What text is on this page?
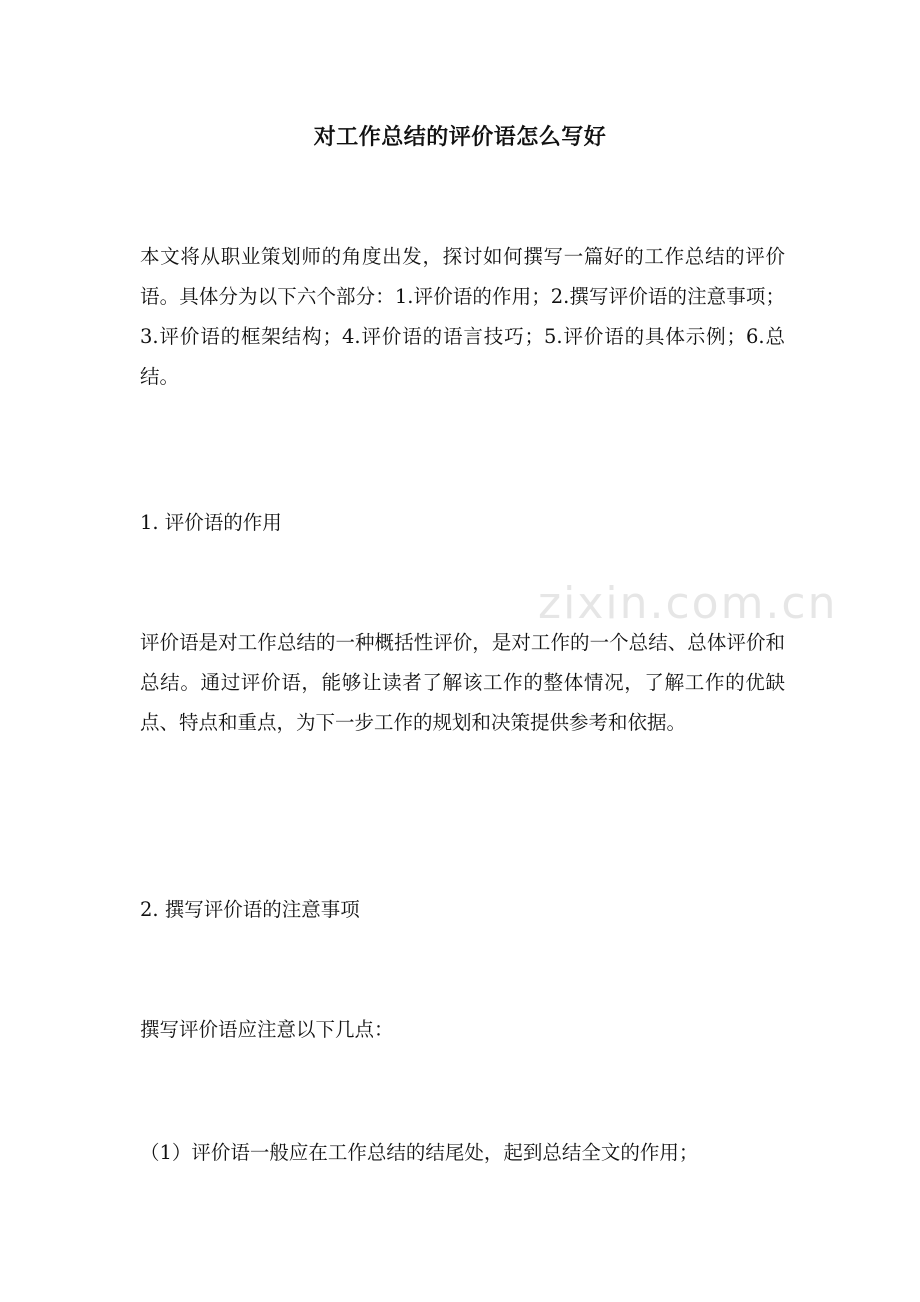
zixin.com.cn
对工作总结的评价语怎么写好
本文将从职业策划师的角度出发，探讨如何撰写一篇好的工作总结的评价语。具体分为以下六个部分：1.评价语的作用；2.撰写评价语的注意事项；3.评价语的框架结构；4.评价语的语言技巧；5.评价语的具体示例；6.总结。
1. 评价语的作用
评价语是对工作总结的一种概括性评价，是对工作的一个总结、总体评价和总结。通过评价语，能够让读者了解该工作的整体情况，了解工作的优缺点、特点和重点，为下一步工作的规划和决策提供参考和依据。
2. 撰写评价语的注意事项
撰写评价语应注意以下几点：
（1）评价语一般应在工作总结的结尾处，起到总结全文的作用；
